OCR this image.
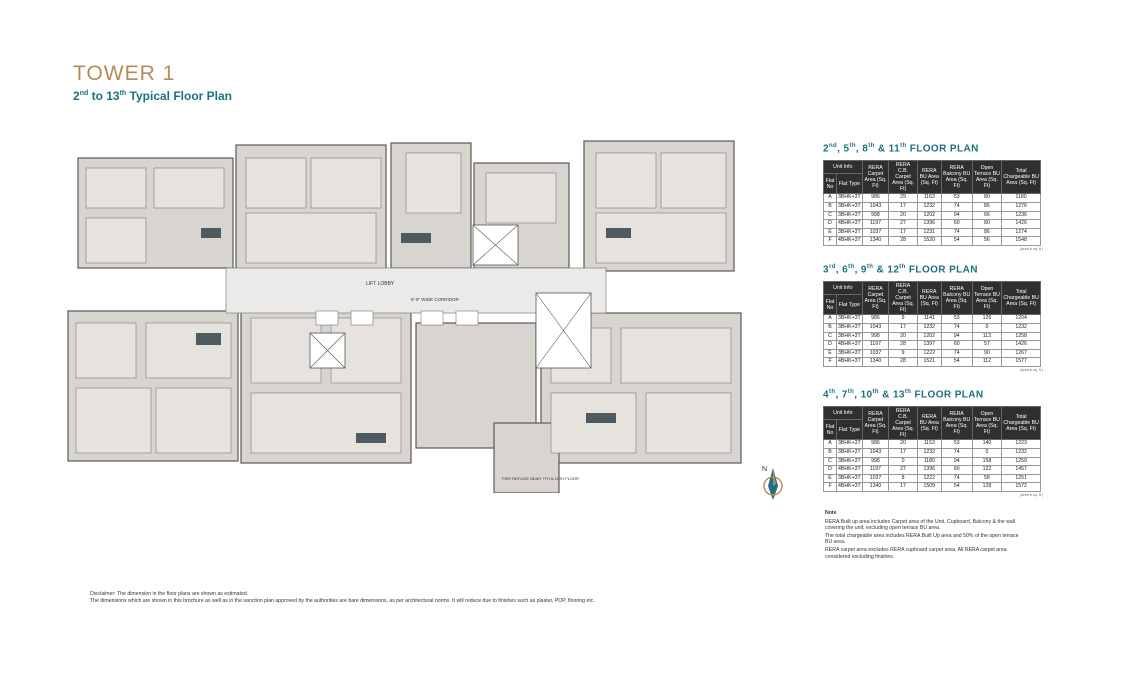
TOWER 1
2nd to 13th Typical Floor Plan
LIFT LOBBY
5'-0" WIDE CORRIDOR
FIRE REFUGE NEAR 7TH & 11TH FLOOR
N
2nd, 5th, 8th & 11th FLOOR PLAN
Unit Info		RERA Carpet Area (Sq. Ft)	RERA C.B. Carpet Area (Sq. Ft)	RERA BU Area (Sq. Ft)	RERA Balcony BU Area (Sq. Ft)	Open Terrace BU Area (Sq. Ft)	Total Chargeable BU Area (Sq. Ft)
Flat No	Flat Type						
A	3BHK+3T	986	29	1163	53	80	1180
B	3BHK+3T	1043	17	1232	74	86	1276
C	3BHK+3T	998	20	1202	94	66	1236
D	4BHK+3T	1197	27	1396	60	80	1426
E	3BHK+3T	1037	17	1231	74	86	1274
F	4BHK+3T	1340	28	1520	54	56	1548
(Area in sq. ft.)
3rd, 6th, 9th & 12th FLOOR PLAN
Unit Info		RERA Carpet Area (Sq. Ft)	RERA C.B. Carpet Area (Sq. Ft)	RERA BU Area (Sq. Ft)	RERA Balcony BU Area (Sq. Ft)	Open Terrace BU Area (Sq. Ft)	Total Chargeable BU Area (Sq. Ft)
Flat No	Flat Type						
A	3BHK+3T	986	9	1141	53	126	1204
B	3BHK+3T	1043	17	1232	74	0	1232
C	3BHK+3T	998	20	1202	94	113	1258
D	4BHK+3T	1197	28	1397	60	57	1426
E	3BHK+3T	1037	9	1222	74	90	1267
F	4BHK+3T	1340	28	1521	54	112	1577
(Area in sq. ft.)
4th, 7th, 10th & 13th FLOOR PLAN
Unit Info		RERA Carpet Area (Sq. Ft)	RERA C.B. Carpet Area (Sq. Ft)	RERA BU Area (Sq. Ft)	RERA Balcony BU Area (Sq. Ft)	Open Terrace BU Area (Sq. Ft)	Total Chargeable BU Area (Sq. Ft)
Flat No	Flat Type						
A	3BHK+3T	986	20	1153	53	140	1223
B	3BHK+3T	1043	17	1232	74	0	1232
C	3BHK+3T	998	0	1180	94	158	1259
D	4BHK+3T	1197	27	1396	60	122	1457
E	3BHK+3T	1037	8	1222	74	58	1251
F	4BHK+3T	1340	17	1509	54	128	1572
(Area in sq. ft.)
Note

RERA Built up area includes Carpet area of the Unit, Cupboard, Balcony & the wall covering the unit, excluding open terrace BU area.

The total chargeable area includes RERA Built Up area and 50% of the open terrace BU area.

RERA carpet area excludes RERA cupboard carpet area. All RERA carpet area considered excluding finishes.

Disclaimer: The dimension in the floor plans are shown as estimated.
The dimensions which are shown in this brochure as well as in the sanction plan approved by the authorities are bare dimensions, as per architectural norms. It will reduce due to finishes such as plaster, POP, flooring etc.
